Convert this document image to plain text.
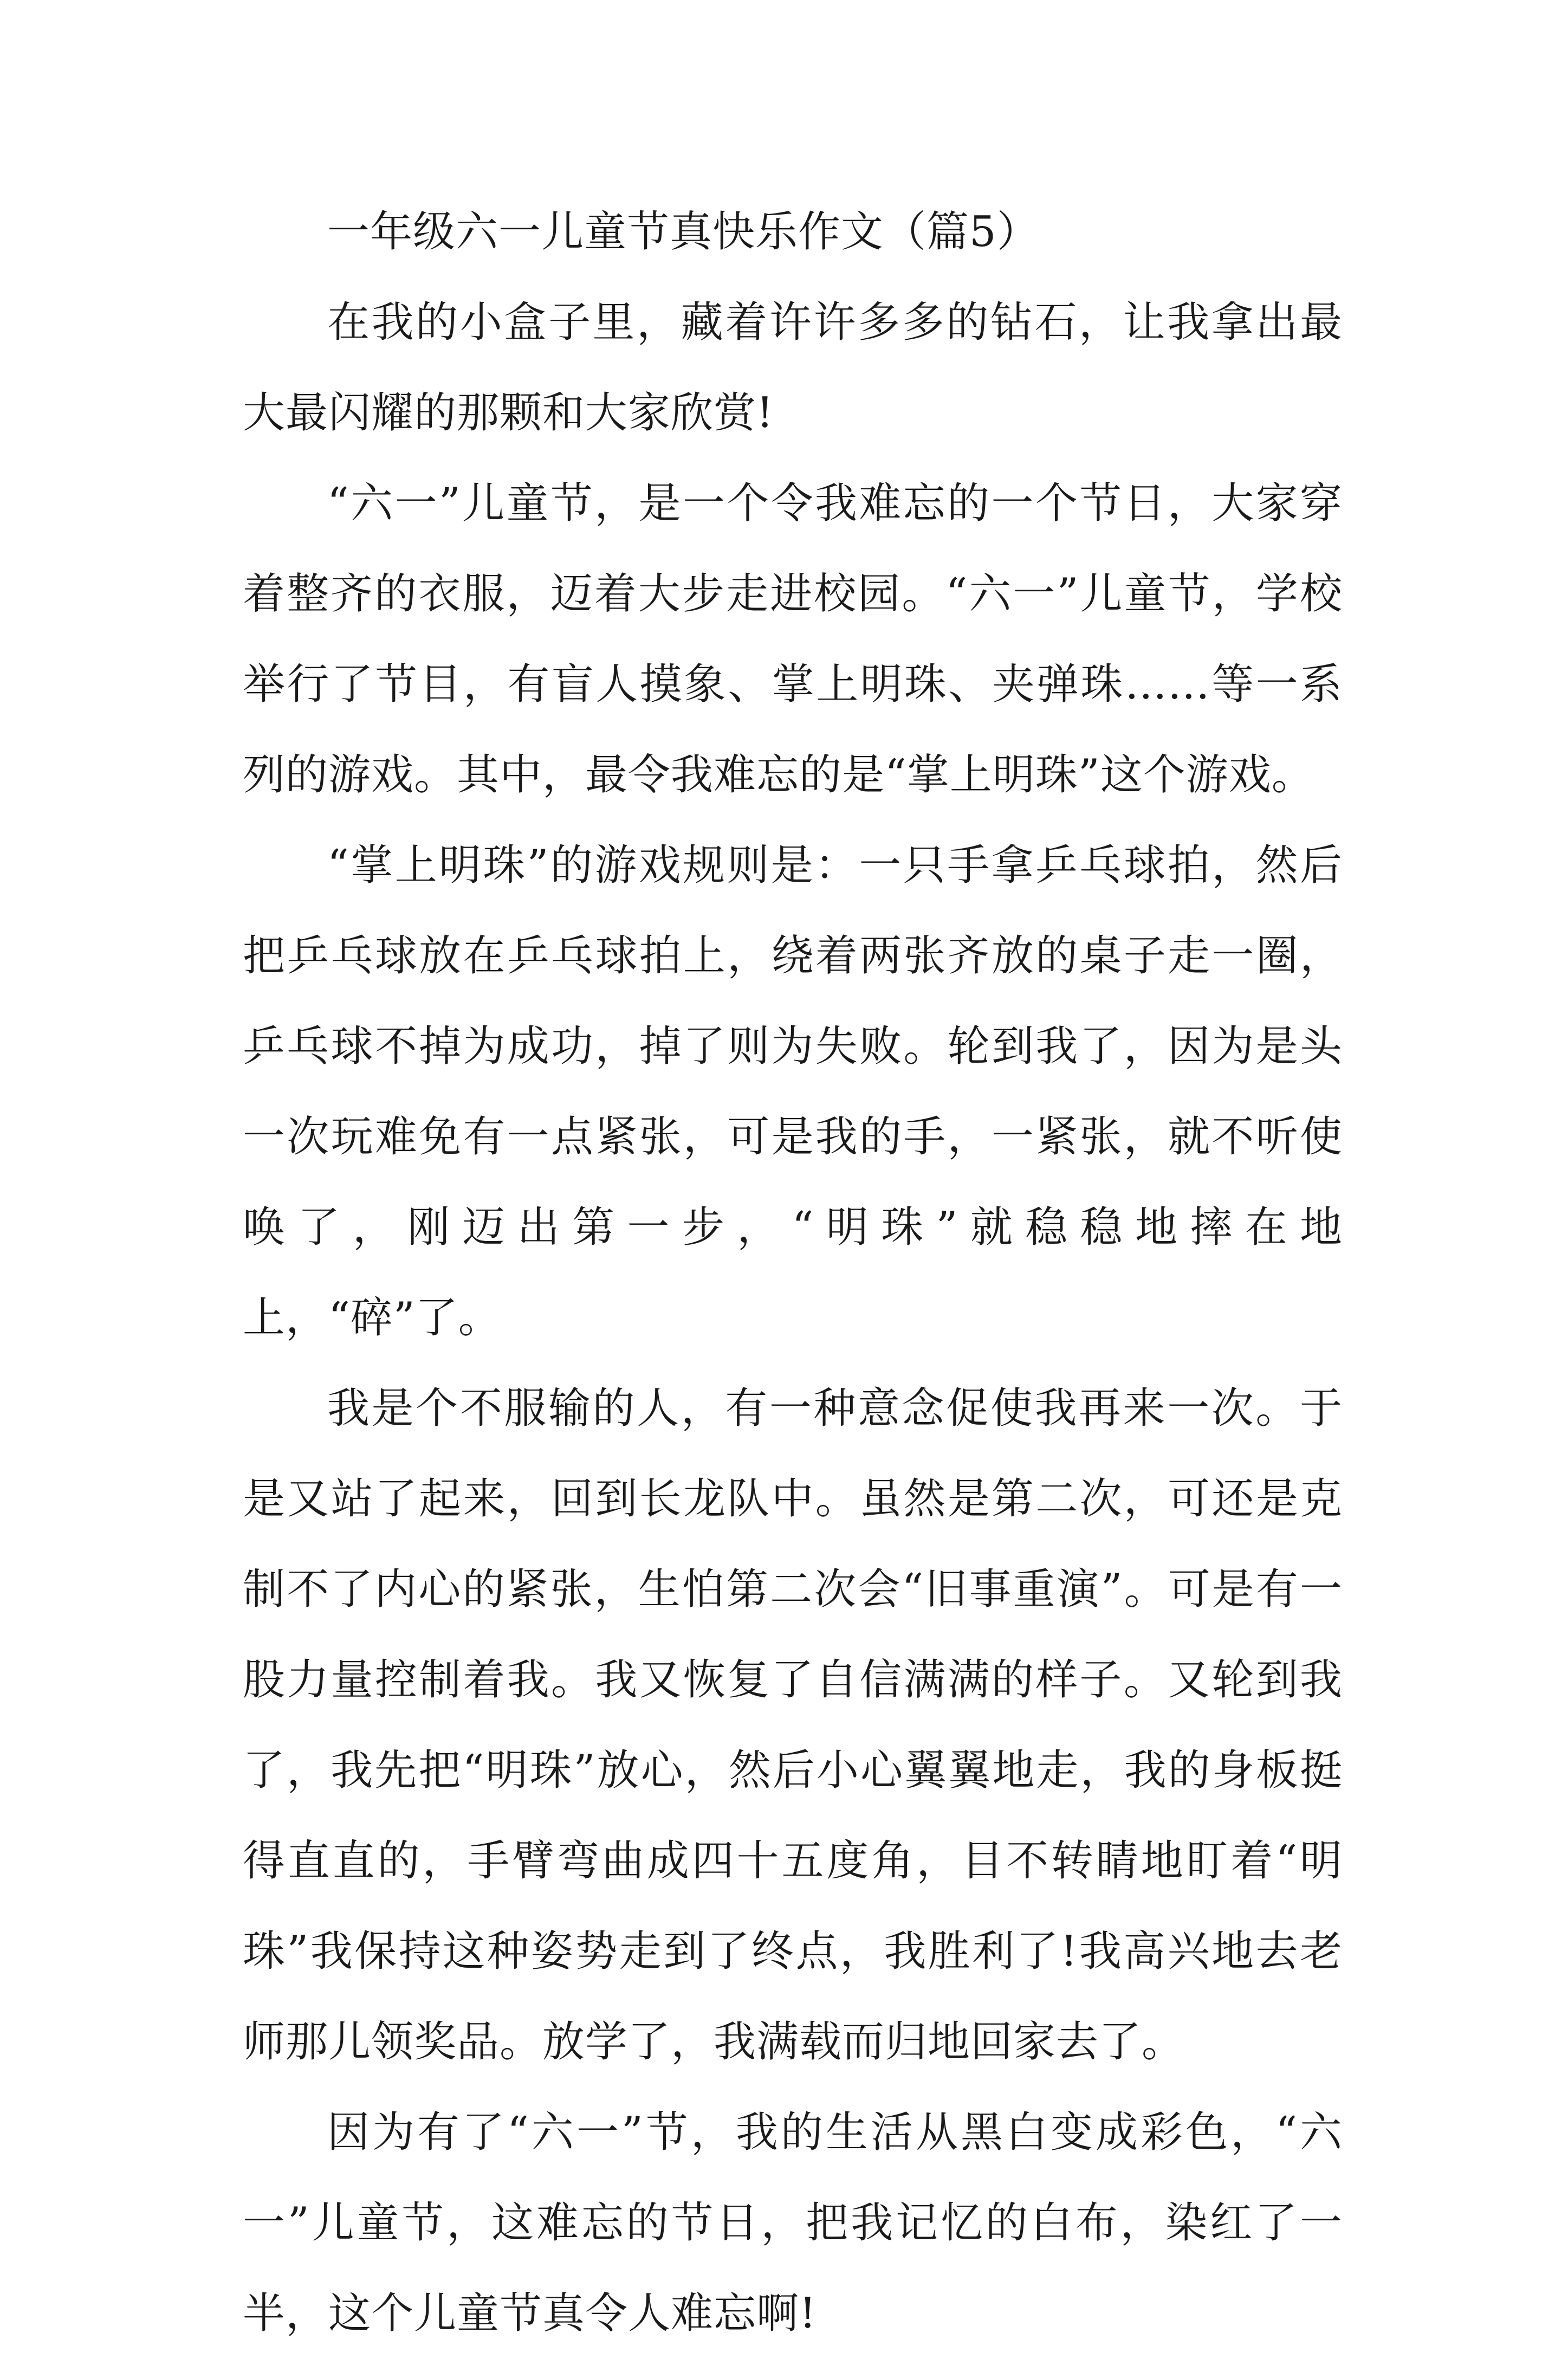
一年级六一儿童节真快乐作文（篇5）

在我的小盒子里，藏着许许多多的钻石，让我拿出最大最闪耀的那颗和大家欣赏!

“六一”儿童节，是一个令我难忘的一个节日，大家穿着整齐的衣服，迈着大步走进校园。“六一”儿童节，学校举行了节目，有盲人摸象、掌上明珠、夹弹珠……等一系列的游戏。其中，最令我难忘的是“掌上明珠”这个游戏。

“掌上明珠”的游戏规则是：一只手拿乒乓球拍，然后把乒乓球放在乒乓球拍上，绕着两张齐放的桌子走一圈，乒乓球不掉为成功，掉了则为失败。轮到我了，因为是头一次玩难免有一点紧张，可是我的手，一紧张，就不听使唤了，刚迈出第一步，“明珠”就稳稳地摔在地上，“碎”了。

我是个不服输的人，有一种意念促使我再来一次。于是又站了起来，回到长龙队中。虽然是第二次，可还是克制不了内心的紧张，生怕第二次会“旧事重演”。可是有一股力量控制着我。我又恢复了自信满满的样子。又轮到我了，我先把“明珠”放心，然后小心翼翼地走，我的身板挺得直直的，手臂弯曲成四十五度角，目不转睛地盯着“明珠”我保持这种姿势走到了终点，我胜利了!我高兴地去老师那儿领奖品。放学了，我满载而归地回家去了。

因为有了“六一”节，我的生活从黑白变成彩色，“六一”儿童节，这难忘的节日，把我记忆的白布，染红了一半，这个儿童节真令人难忘啊!
